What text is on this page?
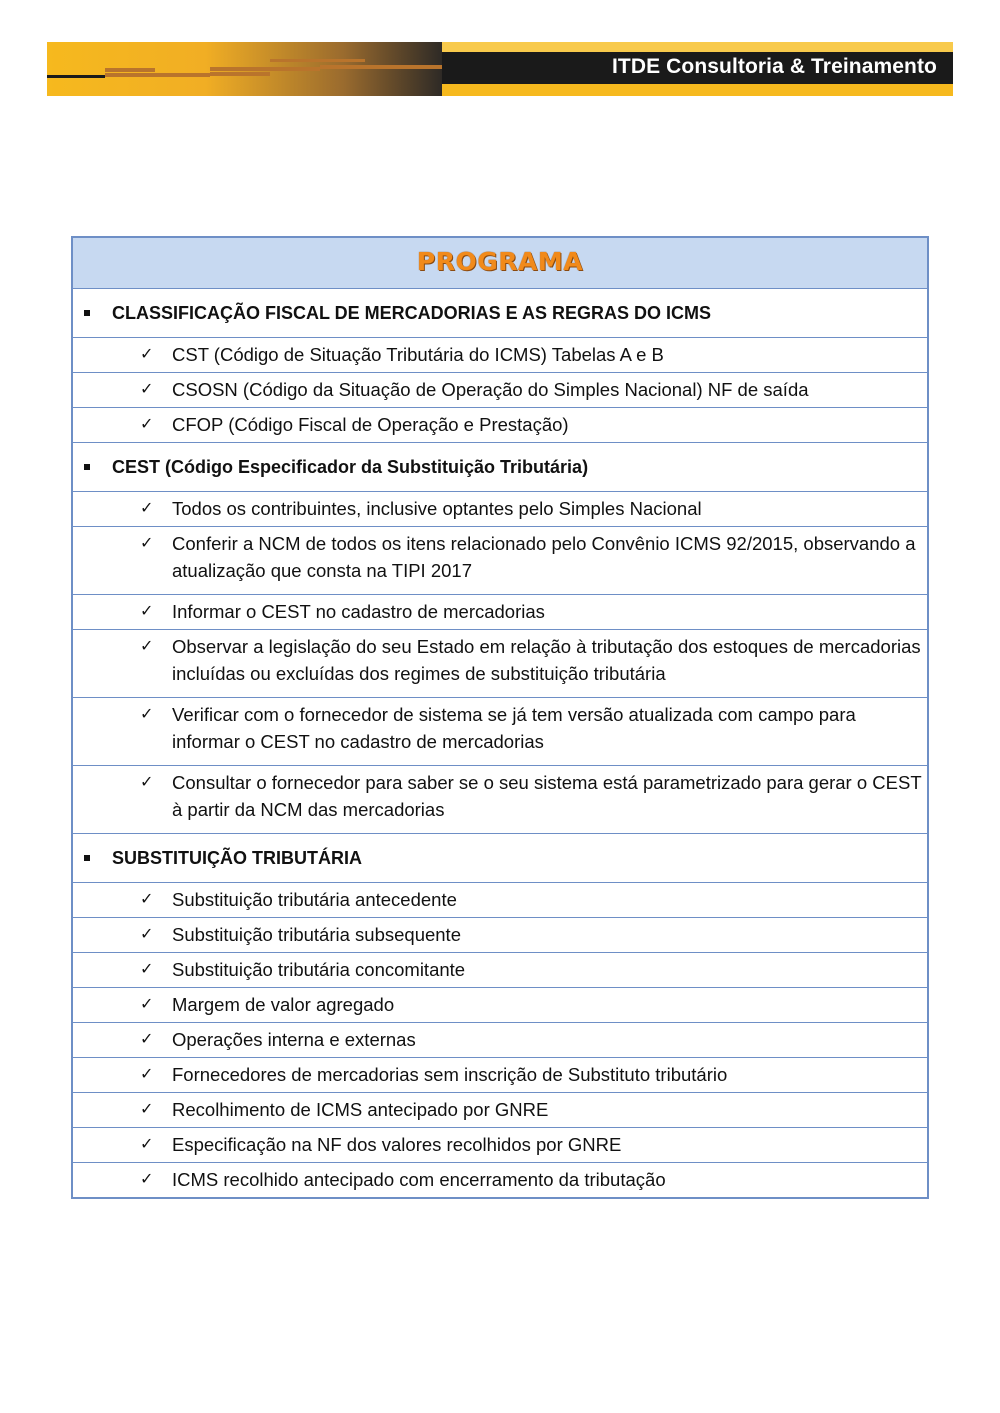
ITDE Consultoria & Treinamento
PROGRAMA
CLASSIFICAÇÃO FISCAL DE MERCADORIAS E AS REGRAS DO ICMS
✓ CST (Código de Situação Tributária do ICMS) Tabelas A e B
✓ CSOSN (Código da Situação de Operação do Simples Nacional) NF de saída
✓ CFOP (Código Fiscal de Operação e Prestação)
CEST (Código Especificador da Substituição Tributária)
✓ Todos os contribuintes, inclusive optantes pelo Simples Nacional
✓ Conferir a NCM de todos os itens relacionado pelo Convênio ICMS 92/2015, observando a atualização que consta na TIPI 2017
✓ Informar o CEST no cadastro de mercadorias
✓ Observar a legislação do seu Estado em relação à tributação dos estoques de mercadorias incluídas ou excluídas dos regimes de substituição tributária
✓ Verificar com o fornecedor de sistema se já tem versão atualizada com campo para informar o CEST no cadastro de mercadorias
✓ Consultar o fornecedor para saber se o seu sistema está parametrizado para gerar o CEST à partir da NCM das mercadorias
SUBSTITUIÇÃO TRIBUTÁRIA
✓ Substituição tributária antecedente
✓ Substituição tributária subsequente
✓ Substituição tributária concomitante
✓ Margem de valor agregado
✓ Operações interna e externas
✓ Fornecedores de mercadorias sem inscrição de Substituto tributário
✓ Recolhimento de ICMS antecipado por GNRE
✓ Especificação na NF dos valores recolhidos por GNRE
✓ ICMS recolhido antecipado com encerramento da tributação
